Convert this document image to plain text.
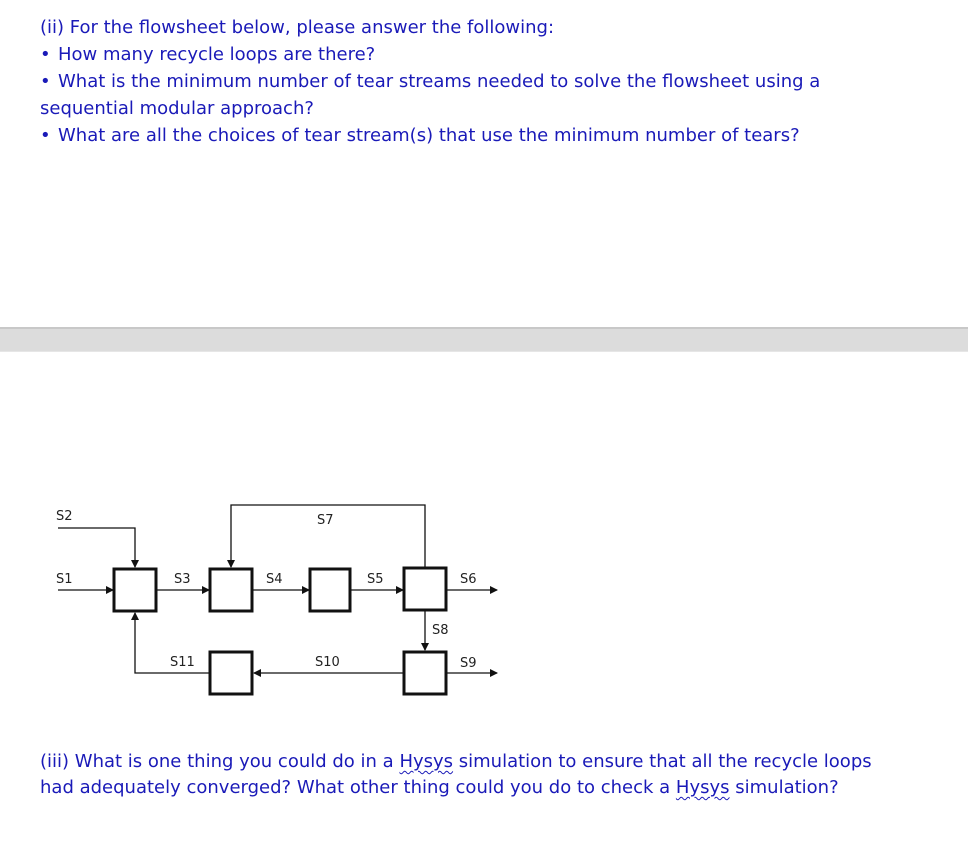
(ii) For the flowsheet below, please answer the following:
• How many recycle loops are there?
• What is the minimum number of tear streams needed to solve the flowsheet using a
sequential modular approach?
• What are all the choices of tear stream(s) that use the minimum number of tears?
S2
S1	S3	S4	S5	S6
S7
S8
S9
S10
S11
(iii) What is one thing you could do in a Hysys simulation to ensure that all the recycle loops
had adequately converged? What other thing could you do to check a Hysys simulation?
